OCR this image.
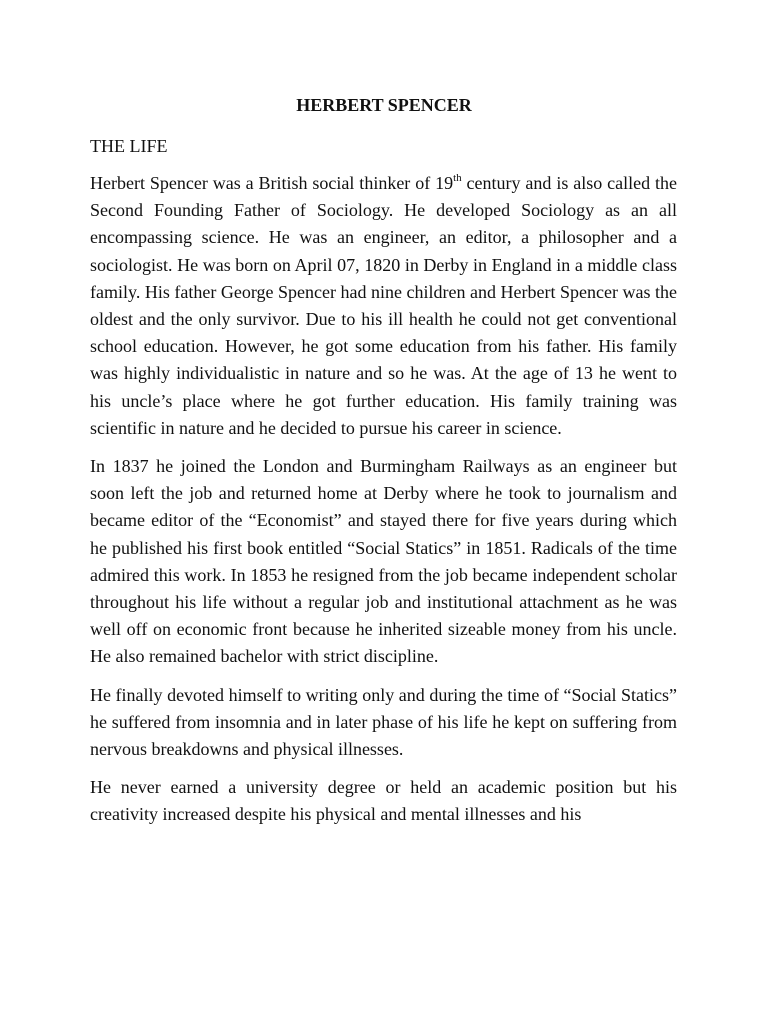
HERBERT SPENCER
THE LIFE

Herbert Spencer was a British social thinker of 19th century and is also called the Second Founding Father of Sociology. He developed Sociology as an all encompassing science. He was an engineer, an editor, a philosopher and a sociologist. He was born on April 07, 1820 in Derby in England in a middle class family. His father George Spencer had nine children and Herbert Spencer was the oldest and the only survivor. Due to his ill health he could not get conventional school education. However, he got some education from his father. His family was highly individualistic in nature and so he was. At the age of 13 he went to his uncle’s place where he got further education. His family training was scientific in nature and he decided to pursue his career in science.

In 1837 he joined the London and Burmingham Railways as an engineer but soon left the job and returned home at Derby where he took to journalism and became editor of the “Economist” and stayed there for five years during which he published his first book entitled “Social Statics” in 1851. Radicals of the time admired this work. In 1853 he resigned from the job became independent scholar throughout his life without a regular job and institutional attachment as he was well off on economic front because he inherited sizeable money from his uncle. He also remained bachelor with strict discipline.

He finally devoted himself to writing only and during the time of “Social Statics” he suffered from insomnia and in later phase of his life he kept on suffering from nervous breakdowns and physical illnesses.

He never earned a university degree or held an academic position but his creativity increased despite his physical and mental illnesses and his
